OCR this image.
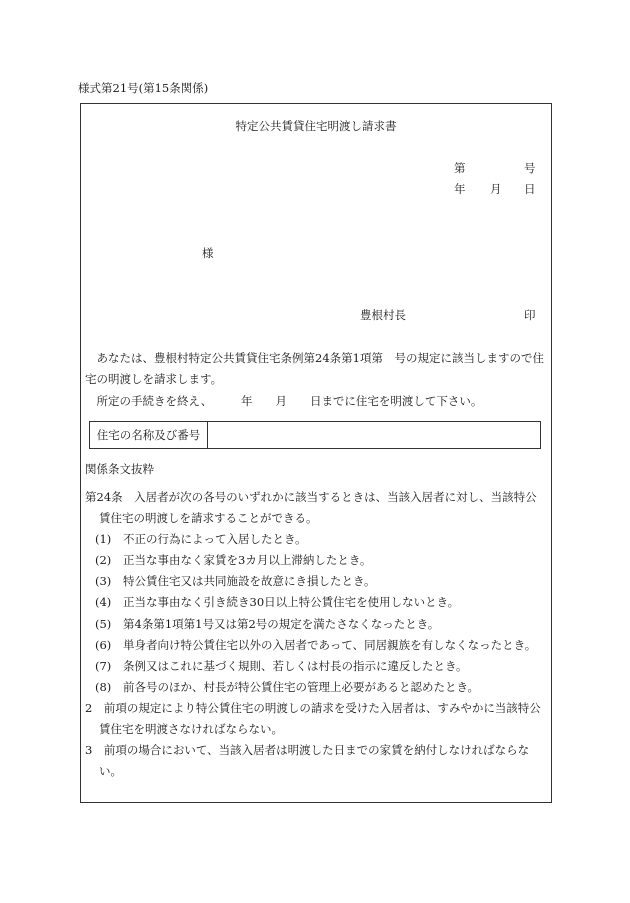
様式第21号(第15条関係)
特定公共賃貸住宅明渡し請求書
第	号
年 月 日
様
豊根村長	印
あなたは、豊根村特定公共賃貸住宅条例第24条第1項第　号の規定に該当しますので住宅の明渡しを請求します。
所定の手続きを終え、　　　年　　月　　日までに住宅を明渡して下さい。
住宅の名称及び番号
関係条文抜粋
第24条　入居者が次の各号のいずれかに該当するときは、当該入居者に対し、当該特公
賃住宅の明渡しを請求することができる。
(1) 不正の行為によって入居したとき。
(2) 正当な事由なく家賃を3カ月以上滞納したとき。
(3) 特公賃住宅又は共同施設を故意にき損したとき。
(4) 正当な事由なく引き続き30日以上特公賃住宅を使用しないとき。
(5) 第4条第1項第1号又は第2号の規定を満たさなくなったとき。
(6) 単身者向け特公賃住宅以外の入居者であって、同居親族を有しなくなったとき。
(7) 条例又はこれに基づく規則、若しくは村長の指示に違反したとき。
(8) 前各号のほか、村長が特公賃住宅の管理上必要があると認めたとき。
2　前項の規定により特公賃住宅の明渡しの請求を受けた入居者は、すみやかに当該特公
賃住宅を明渡さなければならない。
3　前項の場合において、当該入居者は明渡した日までの家賃を納付しなければならな
い。
